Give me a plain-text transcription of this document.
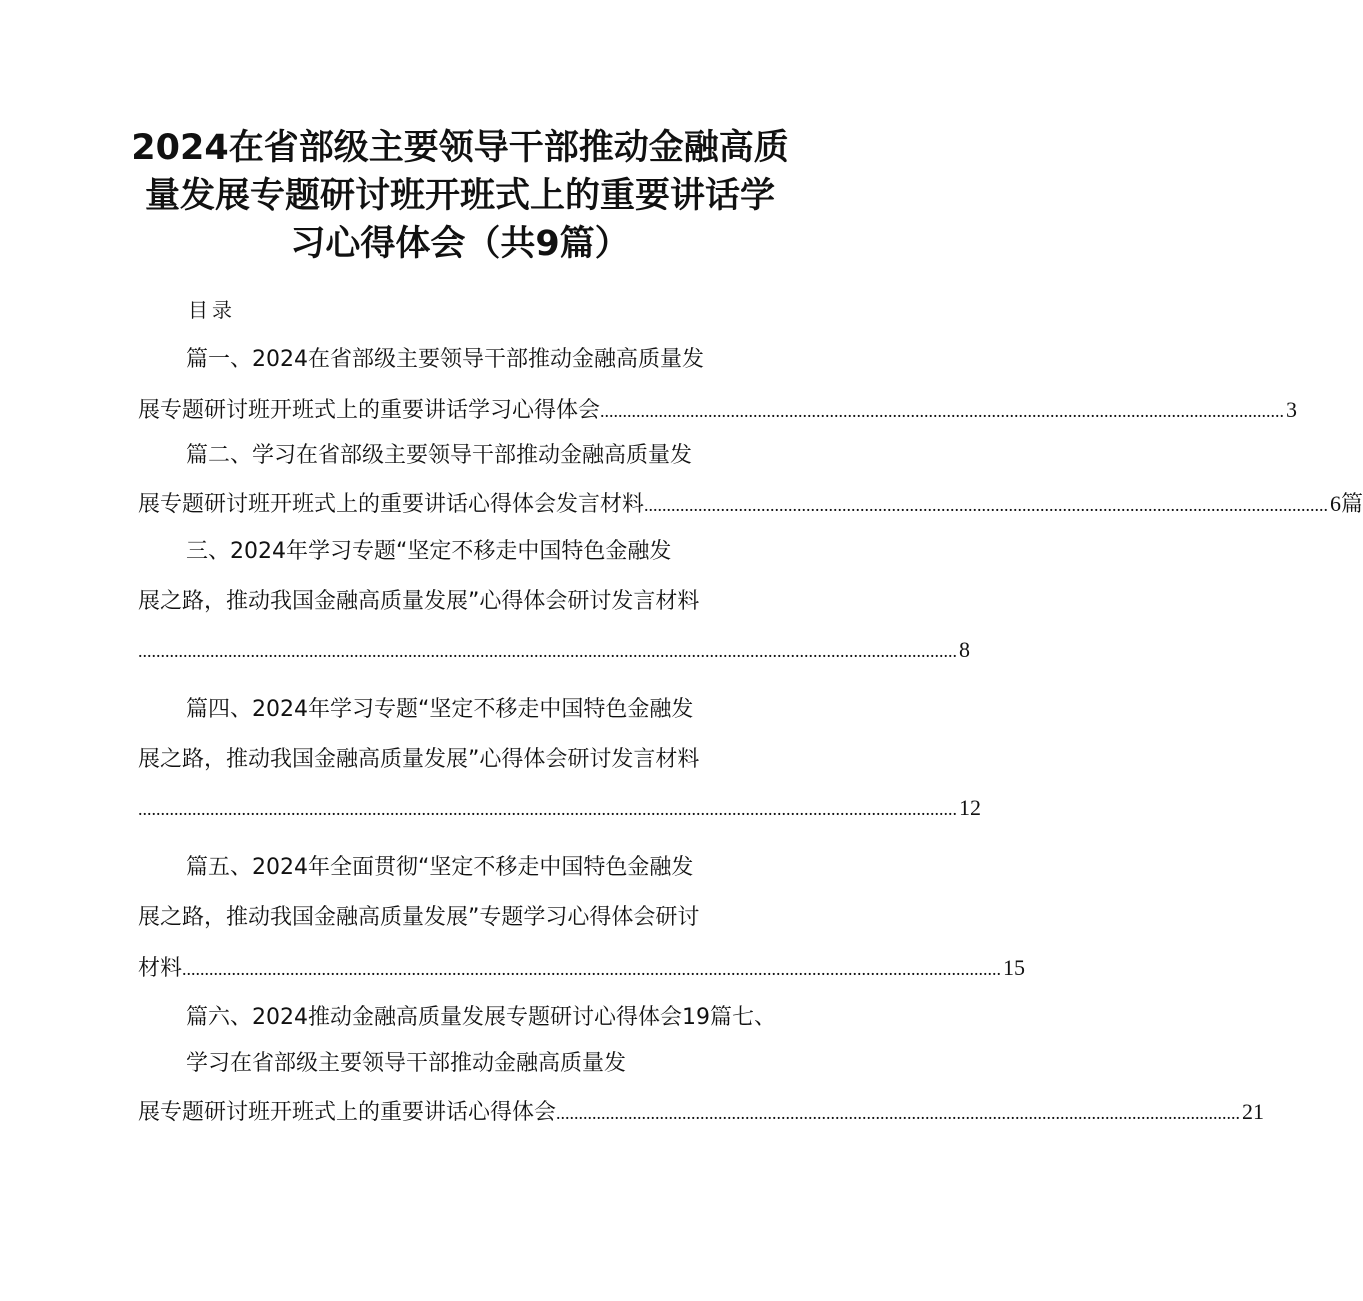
2024在省部级主要领导干部推动金融高质
量发展专题研讨班开班式上的重要讲话学
习心得体会（共9篇）
目录
篇一、2024在省部级主要领导干部推动金融高质量发
展专题研讨班开班式上的重要讲话学习心得体会 ........................................................................................................................................................ 3
篇二、学习在省部级主要领导干部推动金融高质量发
展专题研讨班开班式上的重要讲话心得体会发言材料 ........................................................................................................................................................ 6篇
三、2024年学习专题“坚定不移走中国特色金融发
展之路，推动我国金融高质量发展”心得体会研讨发言材料
...................................................................................................................................................................................... 8
篇四、2024年学习专题“坚定不移走中国特色金融发
展之路，推动我国金融高质量发展”心得体会研讨发言材料
...................................................................................................................................................................................... 12
篇五、2024年全面贯彻“坚定不移走中国特色金融发
展之路，推动我国金融高质量发展”专题学习心得体会研讨
材料 ...................................................................................................................................................................................... 15
篇六、2024推动金融高质量发展专题研讨心得体会19篇七、
学习在省部级主要领导干部推动金融高质量发
展专题研讨班开班式上的重要讲话心得体会 ........................................................................................................................................................ 21
